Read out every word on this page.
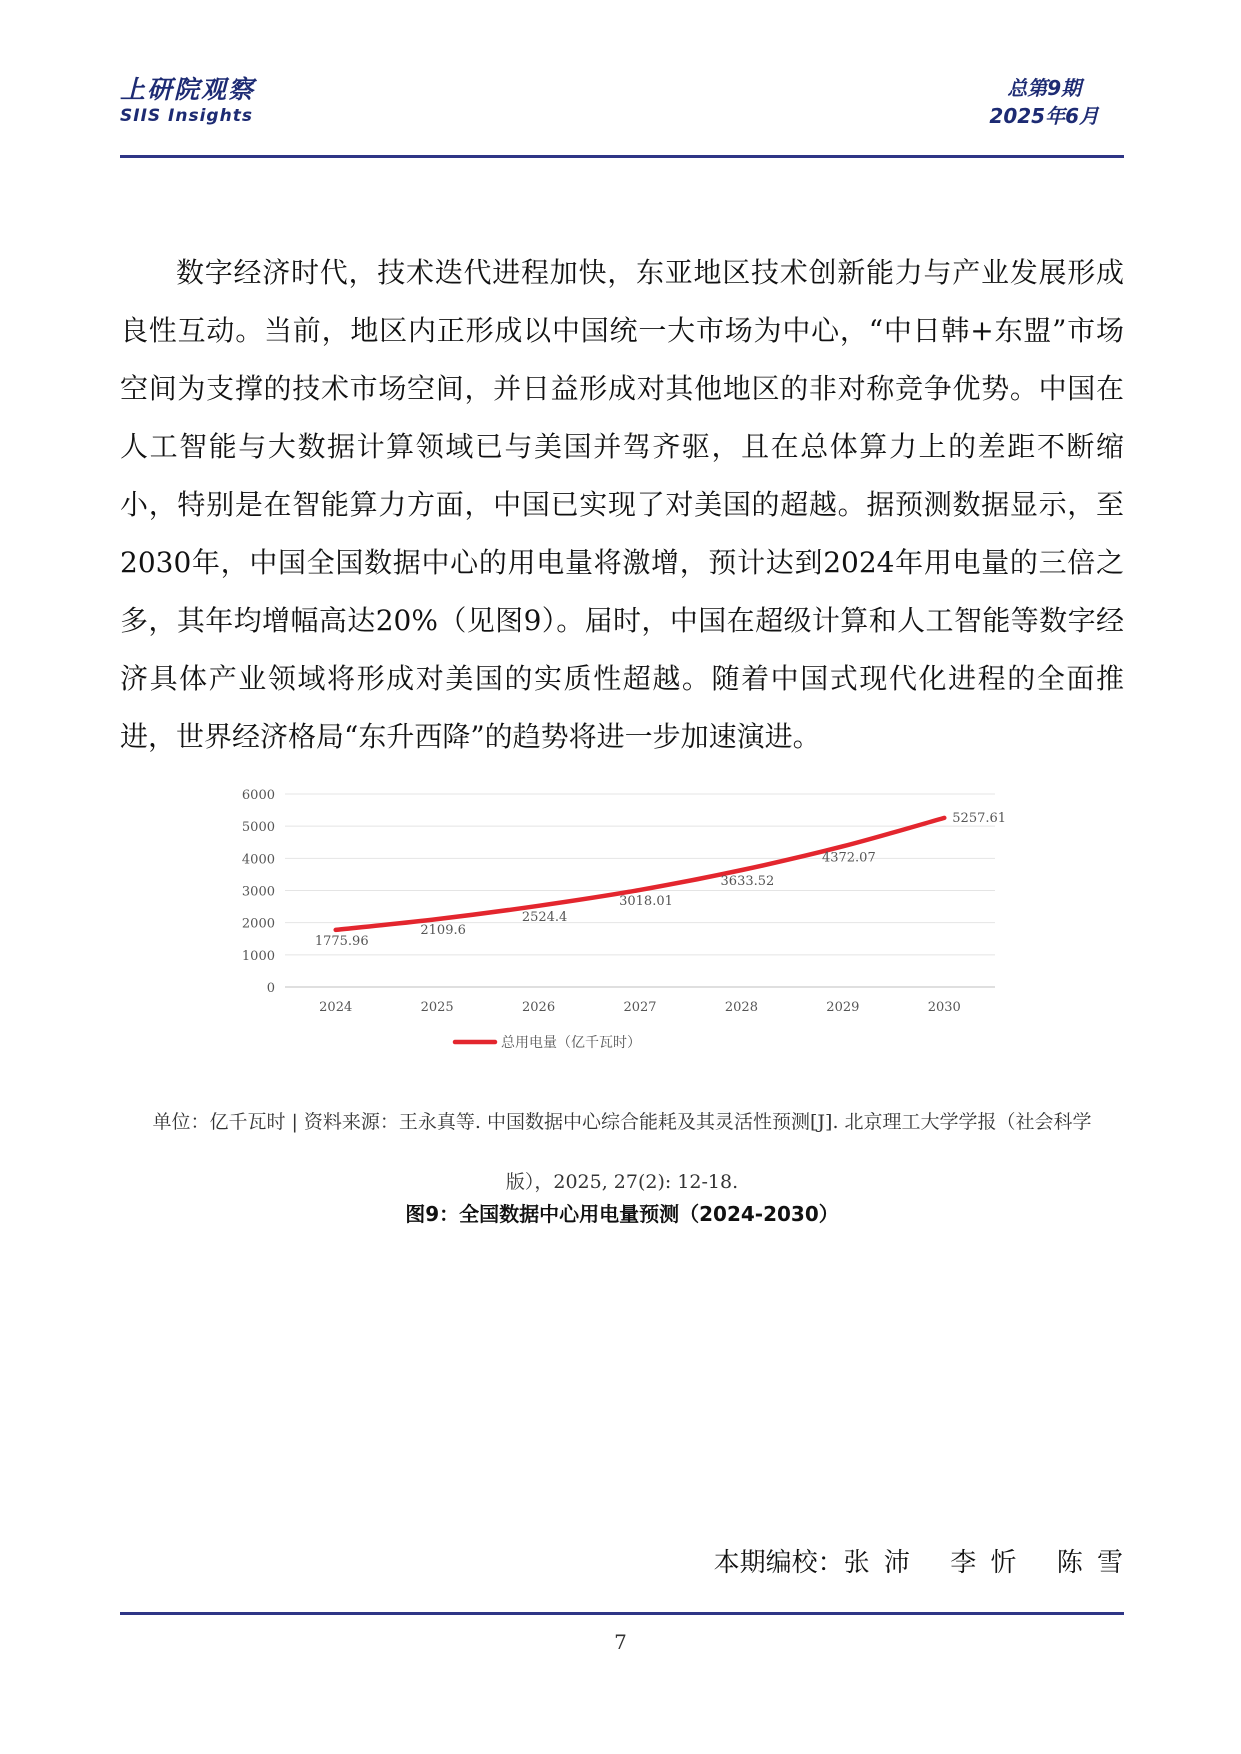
上研院观察
SIIS Insights
总第9期
2025年6月

数字经济时代，技术迭代进程加快，东亚地区技术创新能力与产业发展形成良性互动。当前，地区内正形成以中国统一大市场为中心，“中日韩+东盟”市场空间为支撑的技术市场空间，并日益形成对其他地区的非对称竞争优势。中国在人工智能与大数据计算领域已与美国并驾齐驱，且在总体算力上的差距不断缩小，特别是在智能算力方面，中国已实现了对美国的超越。据预测数据显示，至2030年，中国全国数据中心的用电量将激增，预计达到2024年用电量的三倍之多，其年均增幅高达20%（见图9）。届时，中国在超级计算和人工智能等数字经济具体产业领域将形成对美国的实质性超越。随着中国式现代化进程的全面推进，世界经济格局“东升西降”的趋势将进一步加速演进。

0
1000
2000
3000
4000
5000
6000
2024	2025	2026	2027	2028	2029	2030
1775.96
2109.6
2524.4
3018.01
3633.52
4372.07
5257.61
总用电量（亿千瓦时）
单位：亿千瓦时 | 资料来源：王永真等. 中国数据中心综合能耗及其灵活性预测[J]. 北京理工大学学报（社会科学
版），2025, 27(2): 12-18.
图9：全国数据中心用电量预测（2024-2030）
本期编校：张 沛　 李 忻　 陈 雪
7
